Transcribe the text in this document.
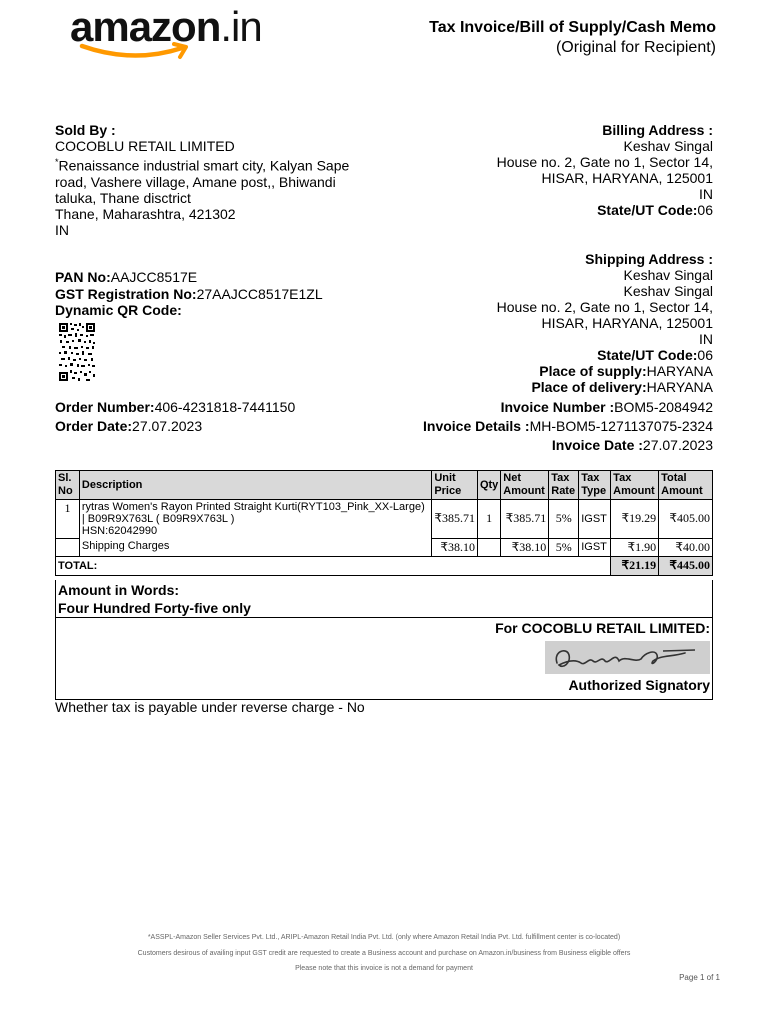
amazon.in	Tax Invoice/Bill of Supply/Cash Memo
(Original for Recipient)
Sold By :
COCOBLU RETAIL LIMITED
*Renaissance industrial smart city, Kalyan Sape
road, Vashere village, Amane post,, Bhiwandi
taluka, Thane disctrict
Thane, Maharashtra, 421302
IN
Billing Address :
Keshav Singal
House no. 2, Gate no 1, Sector 14,
HISAR, HARYANA, 125001
IN
State/UT Code:06
Shipping Address :
Keshav Singal
Keshav Singal
House no. 2, Gate no 1, Sector 14,
HISAR, HARYANA, 125001
IN
State/UT Code:06
Place of supply:HARYANA
Place of delivery:HARYANA
PAN No:AAJCC8517E
GST Registration No:27AAJCC8517E1ZL
Dynamic QR Code:
Order Number:406-4231818-7441150
Order Date:27.07.2023
Invoice Number :BOM5-2084942
Invoice Details :MH-BOM5-1271137075-2324
Invoice Date :27.07.2023
Sl. No	Description	Unit Price	Qty	Net Amount	Tax Rate	Tax Type	Tax Amount	Total Amount
1	rytras Women's Rayon Printed Straight Kurti(RYT103_Pink_XX-Large) | B09R9X763L ( B09R9X763L )
HSN:62042990	₹385.71	1	₹385.71	5%	IGST	₹19.29	₹405.00
	Shipping Charges	₹38.10		₹38.10	5%	IGST	₹1.90	₹40.00
TOTAL:							₹21.19	₹445.00
Amount in Words:
Four Hundred Forty-five only
For COCOBLU RETAIL LIMITED:
Authorized Signatory
Whether tax is payable under reverse charge - No
*ASSPL-Amazon Seller Services Pvt. Ltd., ARIPL-Amazon Retail India Pvt. Ltd. (only where Amazon Retail India Pvt. Ltd. fulfillment center is co-located)
Customers desirous of availing input GST credit are requested to create a Business account and purchase on Amazon.in/business from Business eligible offers
Please note that this invoice is not a demand for payment
Page 1 of 1
